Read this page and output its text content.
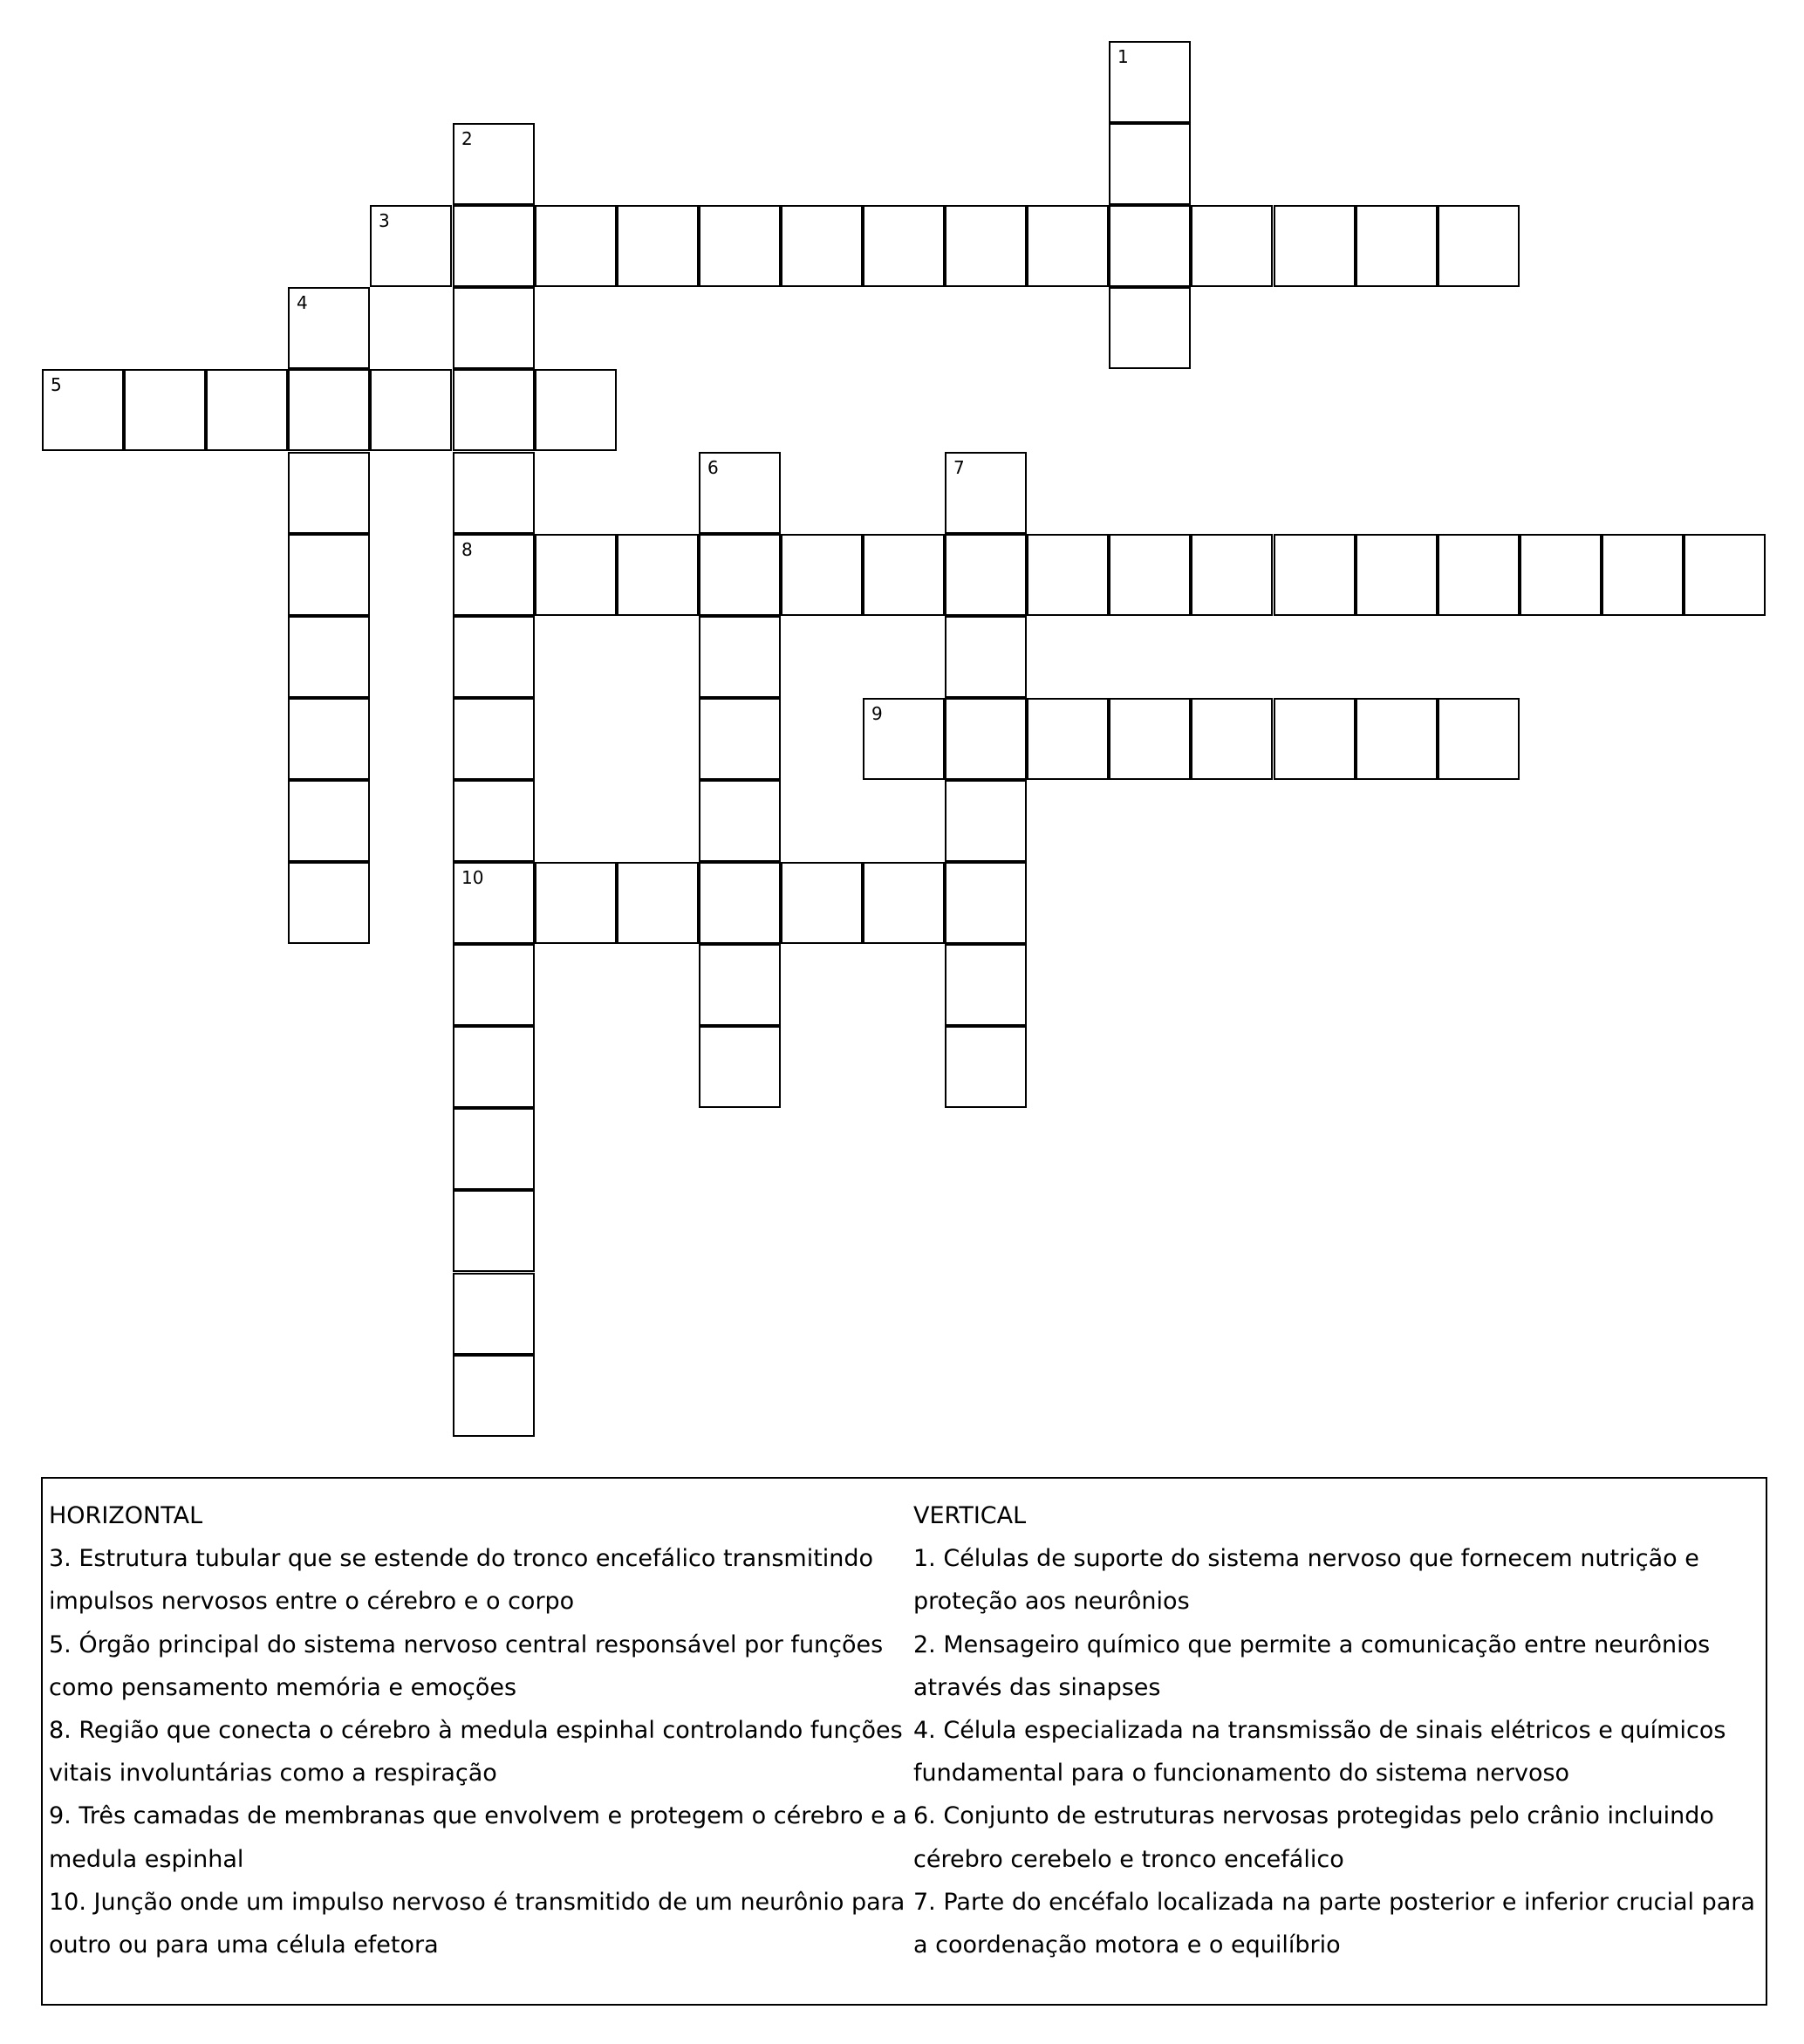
1
2
8
10
3
4
5
6	7
9
HORIZONTAL
3. Estrutura tubular que se estende do tronco encefálico transmitindo impulsos nervosos entre o cérebro e o corpo
5. Órgão principal do sistema nervoso central responsável por funções como pensamento memória e emoções
8. Região que conecta o cérebro à medula espinhal controlando funções vitais involuntárias como a respiração
9. Três camadas de membranas que envolvem e protegem o cérebro e a medula espinhal
10. Junção onde um impulso nervoso é transmitido de um neurônio para outro ou para uma célula efetora
VERTICAL
1. Células de suporte do sistema nervoso que fornecem nutrição e proteção aos neurônios
2. Mensageiro químico que permite a comunicação entre neurônios através das sinapses
4. Célula especializada na transmissão de sinais elétricos e químicos fundamental para o funcionamento do sistema nervoso
6. Conjunto de estruturas nervosas protegidas pelo crânio incluindo cérebro cerebelo e tronco encefálico
7. Parte do encéfalo localizada na parte posterior e inferior crucial para a coordenação motora e o equilíbrio
